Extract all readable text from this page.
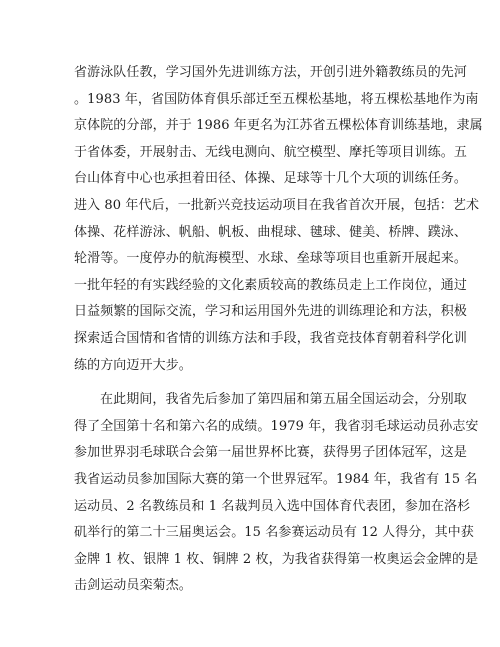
省游泳队任教，学习国外先进训练方法，开创引进外籍教练员的先河
。1983 年，省国防体育俱乐部迁至五棵松基地，将五棵松基地作为南
京体院的分部，并于 1986 年更名为江苏省五棵松体育训练基地，隶属
于省体委，开展射击、无线电测向、航空模型、摩托等项目训练。五
台山体育中心也承担着田径、体操、足球等十几个大项的训练任务。
进入 80 年代后，一批新兴竞技运动项目在我省首次开展，包括：艺术
体操、花样游泳、帆船、帆板、曲棍球、毽球、健美、桥牌、蹼泳、
轮滑等。一度停办的航海模型、水球、垒球等项目也重新开展起来。
一批年轻的有实践经验的文化素质较高的教练员走上工作岗位，通过
日益频繁的国际交流，学习和运用国外先进的训练理论和方法，积极
探索适合国情和省情的训练方法和手段，我省竞技体育朝着科学化训
练的方向迈开大步。
在此期间，我省先后参加了第四届和第五届全国运动会，分别取
得了全国第十名和第六名的成绩。1979 年，我省羽毛球运动员孙志安
参加世界羽毛球联合会第一届世界杯比赛，获得男子团体冠军，这是
我省运动员参加国际大赛的第一个世界冠军。1984 年，我省有 15 名
运动员、2 名教练员和 1 名裁判员入选中国体育代表团，参加在洛杉
矶举行的第二十三届奥运会。15 名参赛运动员有 12 人得分，其中获
金牌 1 枚、银牌 1 枚、铜牌 2 枚，为我省获得第一枚奥运会金牌的是
击剑运动员栾菊杰。
